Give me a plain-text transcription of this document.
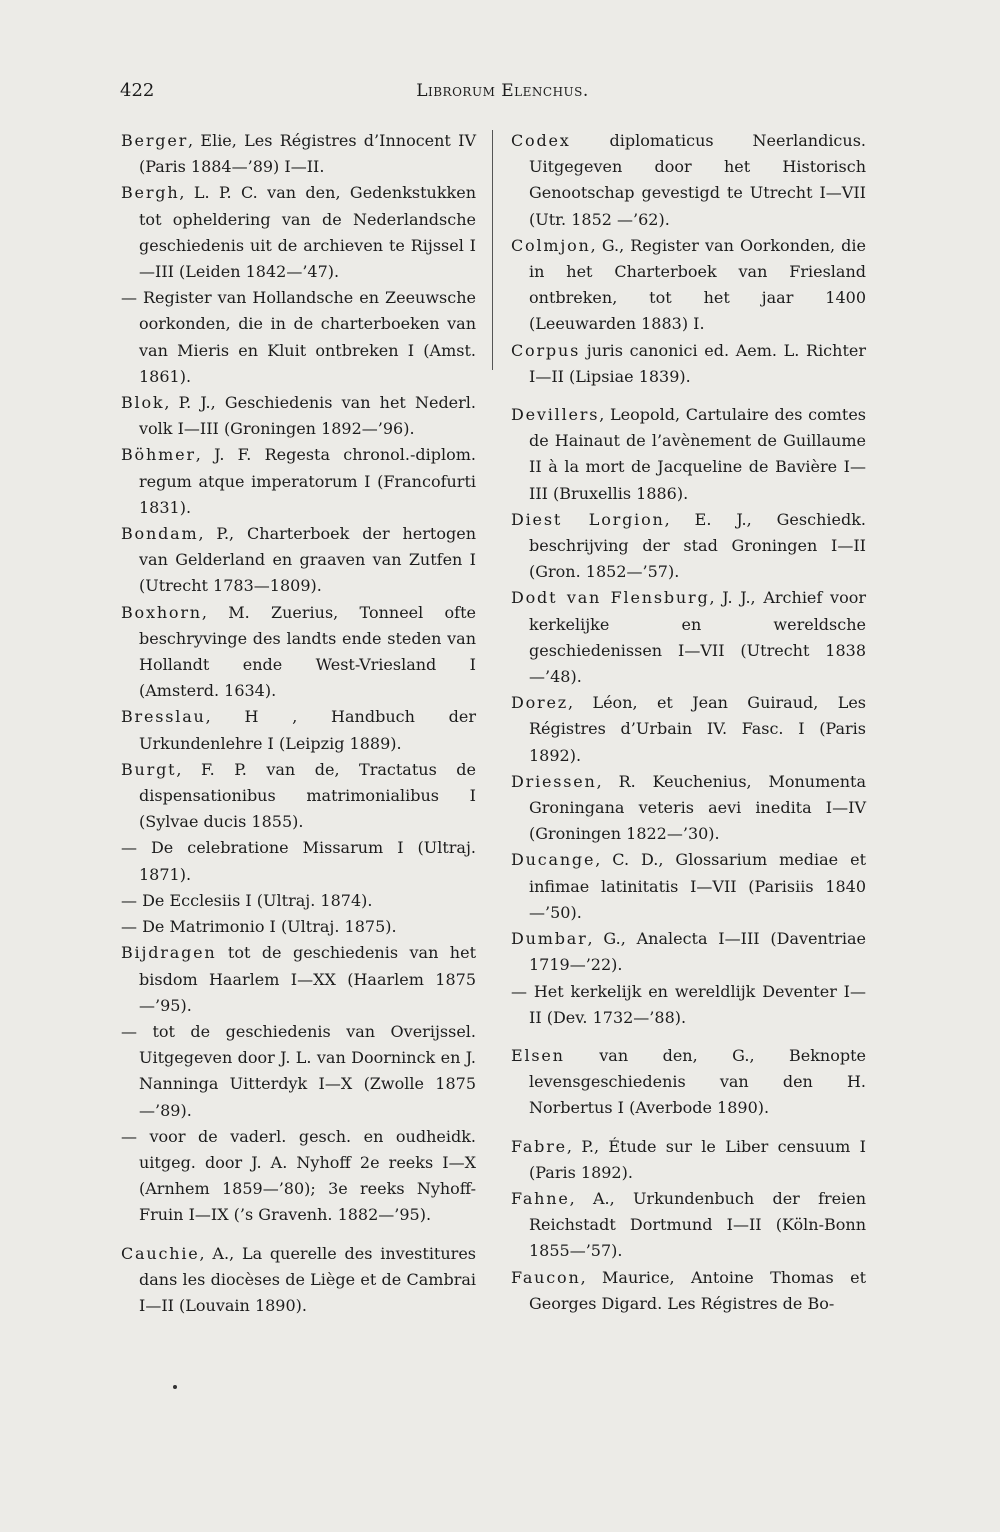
422	Librorum Elenchus.
Berger, Elie, Les Régistres d’Innocent IV (Paris 1884—’89) I—II.
Bergh, L. P. C. van den, Gedenkstukken tot opheldering van de Nederlandsche geschiedenis uit de archieven te Rijssel I—III (Leiden 1842—’47).
— Register van Hollandsche en Zeeuwsche oorkonden, die in de charterboeken van van Mieris en Kluit ontbreken I (Amst. 1861).
Blok, P. J., Geschiedenis van het Nederl. volk I—III (Groningen 1892—’96).
Böhmer, J. F. Regesta chronol.-diplom. regum atque imperatorum I (Francofurti 1831).
Bondam, P., Charterboek der hertogen van Gelderland en graaven van Zutfen I (Utrecht 1783—1809).
Boxhorn, M. Zuerius, Tonneel ofte beschryvinge des landts ende steden van Hollandt ende West-Vriesland I (Amsterd. 1634).
Bresslau, H , Handbuch der Urkundenlehre I (Leipzig 1889).
Burgt, F. P. van de, Tractatus de dispensationibus matrimonialibus I (Sylvae ducis 1855).
— De celebratione Missarum I (Ultraj. 1871).
— De Ecclesiis I (Ultraj. 1874).
— De Matrimonio I (Ultraj. 1875).
Bijdragen tot de geschiedenis van het bisdom Haarlem I—XX (Haarlem 1875 —’95).
— tot de geschiedenis van Overijssel. Uitgegeven door J. L. van Doorninck en J. Nanninga Uitterdyk I—X (Zwolle 1875—’89).
— voor de vaderl. gesch. en oudheidk. uitgeg. door J. A. Nyhoff 2e reeks I—X (Arnhem 1859—’80); 3e reeks Nyhoff-Fruin I—IX (’s Gravenh. 1882—’95).
Cauchie, A., La querelle des investitures dans les diocèses de Liège et de Cambrai I—II (Louvain 1890).
Codex diplomaticus Neerlandicus. Uitgegeven door het Historisch Genootschap gevestigd te Utrecht I—VII (Utr. 1852 —’62).
Colmjon, G., Register van Oorkonden, die in het Charterboek van Friesland ontbreken, tot het jaar 1400 (Leeuwarden 1883) I.
Corpus juris canonici ed. Aem. L. Richter I—II (Lipsiae 1839).
Devillers, Leopold, Cartulaire des comtes de Hainaut de l’avènement de Guillaume II à la mort de Jacqueline de Bavière I—III (Bruxellis 1886).
Diest Lorgion, E. J., Geschiedk. beschrijving der stad Groningen I—II (Gron. 1852—’57).
Dodt van Flensburg, J. J., Archief voor kerkelijke en wereldsche geschiedenissen I—VII (Utrecht 1838—’48).
Dorez, Léon, et Jean Guiraud, Les Régistres d’Urbain IV. Fasc. I (Paris 1892).
Driessen, R. Keuchenius, Monumenta Groningana veteris aevi inedita I—IV (Groningen 1822—’30).
Ducange, C. D., Glossarium mediae et infimae latinitatis I—VII (Parisiis 1840 —’50).
Dumbar, G., Analecta I—III (Daventriae 1719—’22).
— Het kerkelijk en wereldlijk Deventer I—II (Dev. 1732—’88).
Elsen van den, G., Beknopte levensgeschiedenis van den H. Norbertus I (Averbode 1890).
Fabre, P., Étude sur le Liber censuum I (Paris 1892).
Fahne, A., Urkundenbuch der freien Reichstadt Dortmund I—II (Köln-Bonn 1855—’57).
Faucon, Maurice, Antoine Thomas et Georges Digard. Les Régistres de Bo-
